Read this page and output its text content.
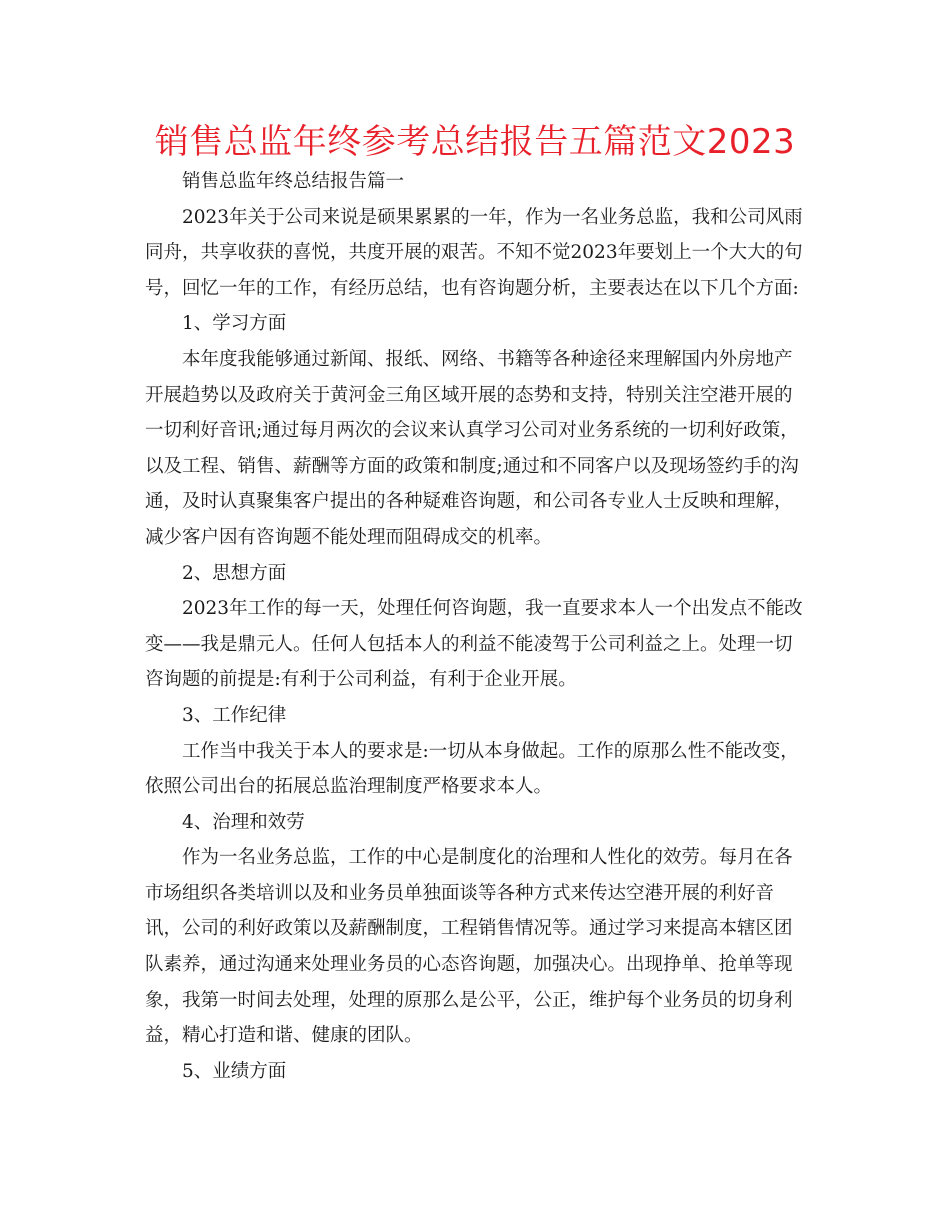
销售总监年终参考总结报告五篇范文2023

销售总监年终总结报告篇一

2023年关于公司来说是硕果累累的一年，作为一名业务总监，我和公司风雨

同舟，共享收获的喜悦，共度开展的艰苦。不知不觉2023年要划上一个大大的句

号，回忆一年的工作，有经历总结，也有咨询题分析，主要表达在以下几个方面:

1、学习方面

本年度我能够通过新闻、报纸、网络、书籍等各种途径来理解国内外房地产

开展趋势以及政府关于黄河金三角区域开展的态势和支持，特别关注空港开展的

一切利好音讯;通过每月两次的会议来认真学习公司对业务系统的一切利好政策，

以及工程、销售、薪酬等方面的政策和制度;通过和不同客户以及现场签约手的沟

通，及时认真聚集客户提出的各种疑难咨询题，和公司各专业人士反映和理解，

减少客户因有咨询题不能处理而阻碍成交的机率。

2、思想方面

2023年工作的每一天，处理任何咨询题，我一直要求本人一个出发点不能改

变——我是鼎元人。任何人包括本人的利益不能凌驾于公司利益之上。处理一切

咨询题的前提是:有利于公司利益，有利于企业开展。

3、工作纪律

工作当中我关于本人的要求是:一切从本身做起。工作的原那么性不能改变，

依照公司出台的拓展总监治理制度严格要求本人。

4、治理和效劳

作为一名业务总监，工作的中心是制度化的治理和人性化的效劳。每月在各

市场组织各类培训以及和业务员单独面谈等各种方式来传达空港开展的利好音

讯，公司的利好政策以及薪酬制度，工程销售情况等。通过学习来提高本辖区团

队素养，通过沟通来处理业务员的心态咨询题，加强决心。出现挣单、抢单等现

象，我第一时间去处理，处理的原那么是公平，公正，维护每个业务员的切身利

益，精心打造和谐、健康的团队。

5、业绩方面
